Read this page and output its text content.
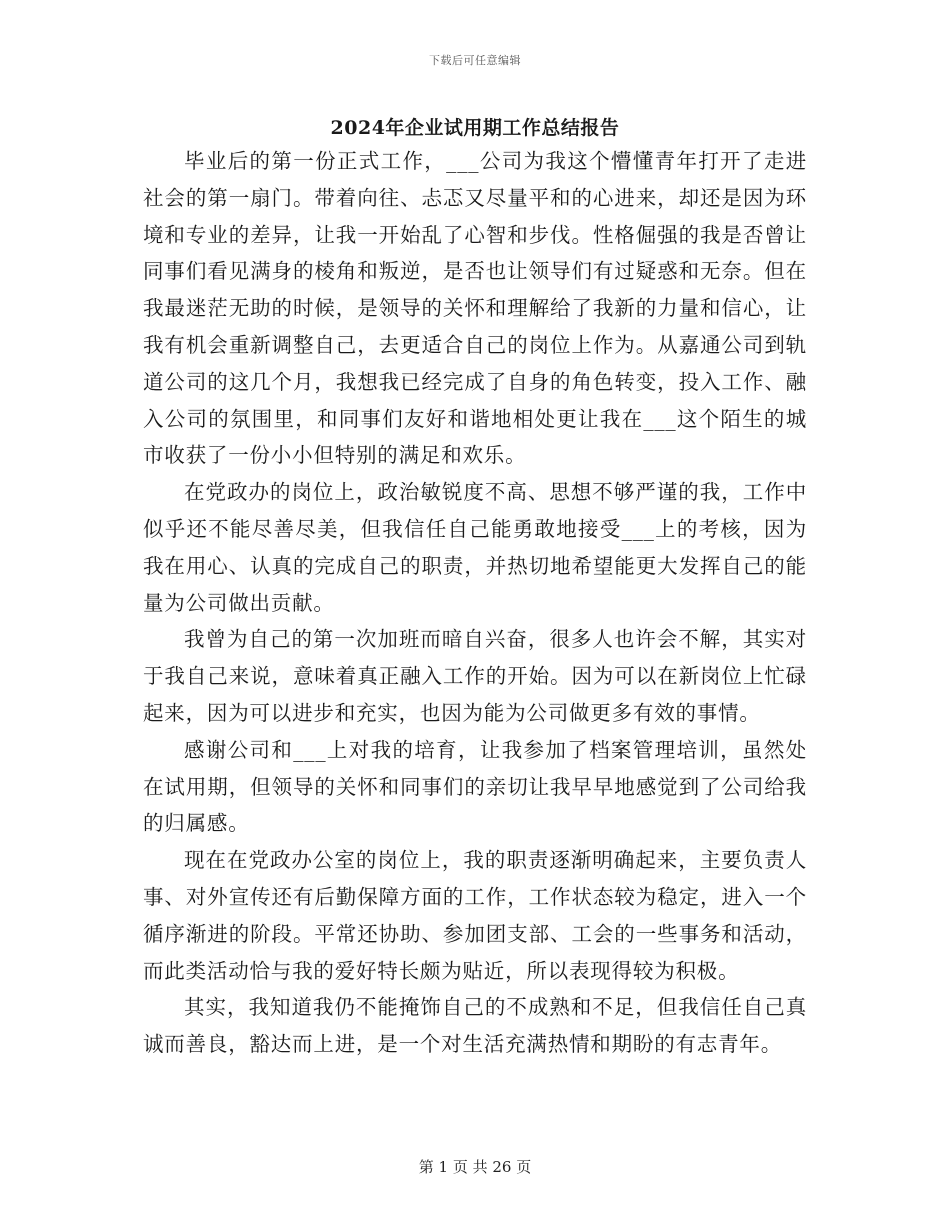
下载后可任意编辑
2024年企业试用期工作总结报告

毕业后的第一份正式工作，___公司为我这个懵懂青年打开了走进社会的第一扇门。带着向往、忐忑又尽量平和的心进来，却还是因为环境和专业的差异，让我一开始乱了心智和步伐。性格倔强的我是否曾让同事们看见满身的棱角和叛逆，是否也让领导们有过疑惑和无奈。但在我最迷茫无助的时候，是领导的关怀和理解给了我新的力量和信心，让我有机会重新调整自己，去更适合自己的岗位上作为。从嘉通公司到轨道公司的这几个月，我想我已经完成了自身的角色转变，投入工作、融入公司的氛围里，和同事们友好和谐地相处更让我在___这个陌生的城市收获了一份小小但特别的满足和欢乐。

在党政办的岗位上，政治敏锐度不高、思想不够严谨的我，工作中似乎还不能尽善尽美，但我信任自己能勇敢地接受___上的考核，因为我在用心、认真的完成自己的职责，并热切地希望能更大发挥自己的能量为公司做出贡献。

我曾为自己的第一次加班而暗自兴奋，很多人也许会不解，其实对于我自己来说，意味着真正融入工作的开始。因为可以在新岗位上忙碌起来，因为可以进步和充实，也因为能为公司做更多有效的事情。

感谢公司和___上对我的培育，让我参加了档案管理培训，虽然处在试用期，但领导的关怀和同事们的亲切让我早早地感觉到了公司给我的归属感。

现在在党政办公室的岗位上，我的职责逐渐明确起来，主要负责人事、对外宣传还有后勤保障方面的工作，工作状态较为稳定，进入一个循序渐进的阶段。平常还协助、参加团支部、工会的一些事务和活动，而此类活动恰与我的爱好特长颇为贴近，所以表现得较为积极。

其实，我知道我仍不能掩饰自己的不成熟和不足，但我信任自己真诚而善良，豁达而上进，是一个对生活充满热情和期盼的有志青年。

第 1 页 共 26 页
